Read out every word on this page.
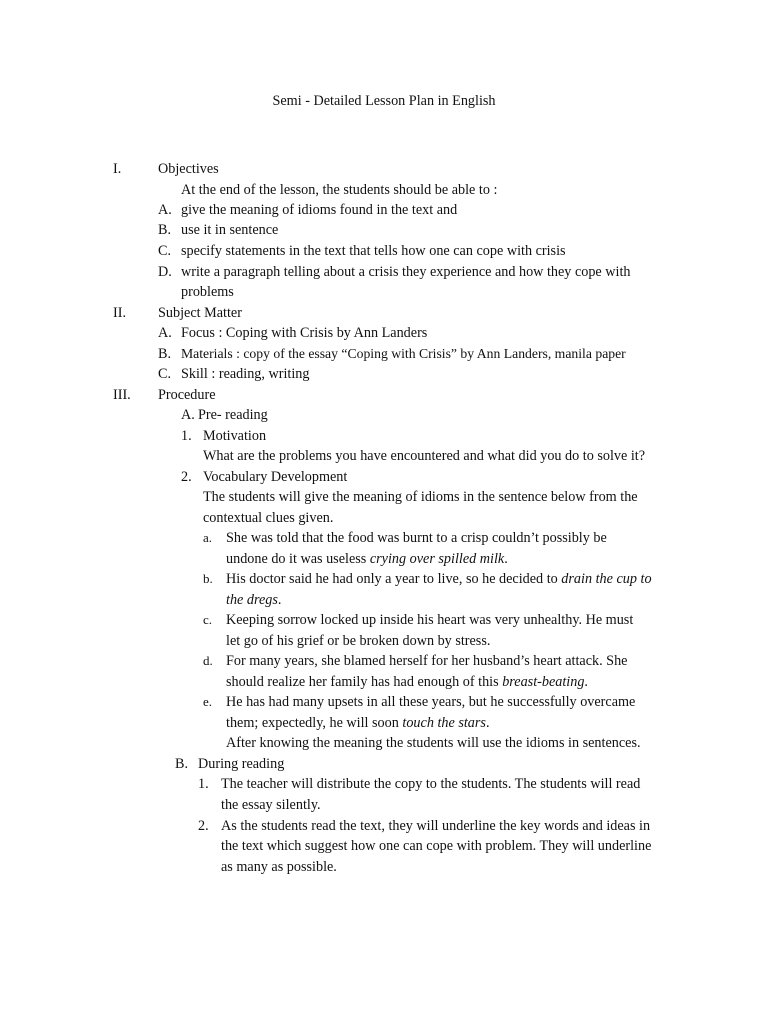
Semi - Detailed Lesson Plan in English
I.	Objectives
At the end of the lesson, the students should be able to :
A. give the meaning of idioms found in the text and
B. use it in sentence
C. specify statements in the text that tells how one can cope with crisis
D. write a paragraph telling about a crisis they experience and how they cope with
problems
II. Subject Matter
A. Focus : Coping with Crisis by Ann Landers
B. Materials : copy of the essay “Coping with Crisis” by Ann Landers, manila paper
C. Skill : reading, writing
III. Procedure
A. Pre- reading
1. Motivation
What are the problems you have encountered and what did you do to solve it?
2. Vocabulary Development
The students will give the meaning of idioms in the sentence below from the
contextual clues given.
a. She was told that the food was burnt to a crisp couldn’t possibly be
undone do it was useless crying over spilled milk.
b. His doctor said he had only a year to live, so he decided to drain the cup to
the dregs.
c. Keeping sorrow locked up inside his heart was very unhealthy. He must
let go of his grief or be broken down by stress.
d. For many years, she blamed herself for her husband’s heart attack. She
should realize her family has had enough of this breast-beating.
e. He has had many upsets in all these years, but he successfully overcame
them; expectedly, he will soon touch the stars.
After knowing the meaning the students will use the idioms in sentences.
B. During reading
1. The teacher will distribute the copy to the students. The students will read
the essay silently.
2. As the students read the text, they will underline the key words and ideas in
the text which suggest how one can cope with problem. They will underline
as many as possible.
